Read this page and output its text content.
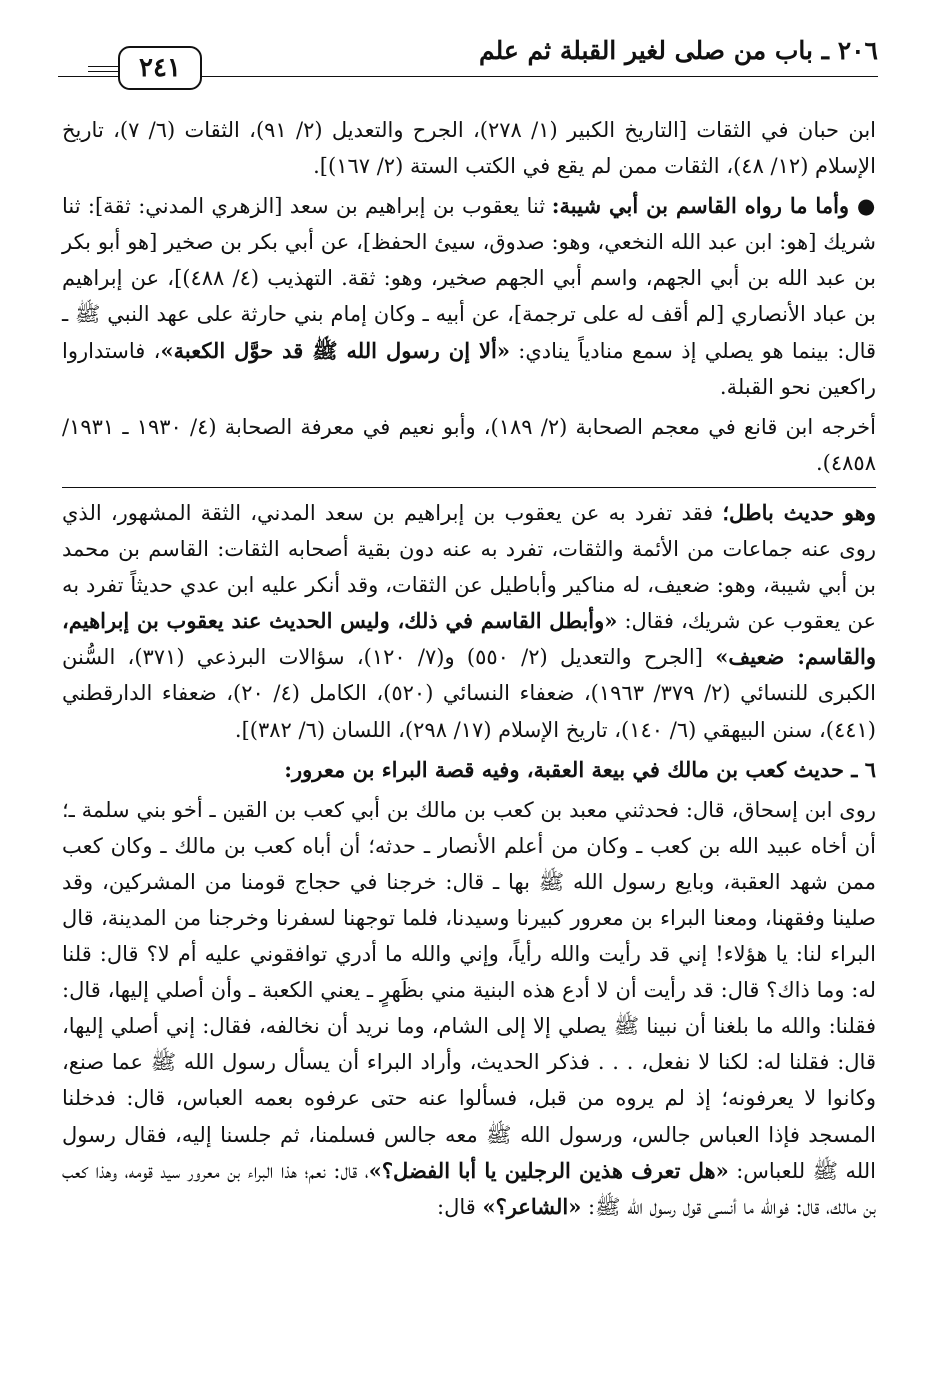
٢٠٦ ـ باب من صلى لغير القبلة ثم علم
٢٤١

ابن حبان في الثقات [التاريخ الكبير (١/ ٢٧٨)، الجرح والتعديل (٢/ ٩١)، الثقات (٦/ ٧)، تاريخ الإسلام (١٢/ ٤٨)، الثقات ممن لم يقع في الكتب الستة (٢/ ١٦٧)].

● وأما ما رواه القاسم بن أبي شيبة: ثنا يعقوب بن إبراهيم بن سعد [الزهري المدني: ثقة]: ثنا شريك [هو: ابن عبد الله النخعي، وهو: صدوق، سيئ الحفظ]، عن أبي بكر بن صخير [هو أبو بكر بن عبد الله بن أبي الجهم، واسم أبي الجهم صخير، وهو: ثقة. التهذيب (٤/ ٤٨٨)]، عن إبراهيم بن عباد الأنصاري [لم أقف له على ترجمة]، عن أبيه ـ وكان إمام بني حارثة على عهد النبي ﷺ ـ قال: بينما هو يصلي إذ سمع منادياً ينادي: «ألا إن رسول الله ﷺ قد حوَّل الكعبة»، فاستداروا راكعين نحو القبلة.

أخرجه ابن قانع في معجم الصحابة (٢/ ١٨٩)، وأبو نعيم في معرفة الصحابة (٤/ ١٩٣٠ ـ ١٩٣١/ ٤٨٥٨).

وهو حديث باطل؛ فقد تفرد به عن يعقوب بن إبراهيم بن سعد المدني، الثقة المشهور، الذي روى عنه جماعات من الأئمة والثقات، تفرد به عنه دون بقية أصحابه الثقات: القاسم بن محمد بن أبي شيبة، وهو: ضعيف، له مناكير وأباطيل عن الثقات، وقد أنكر عليه ابن عدي حديثاً تفرد به عن يعقوب عن شريك، فقال: «وأبطل القاسم في ذلك، وليس الحديث عند يعقوب بن إبراهيم، والقاسم: ضعيف» [الجرح والتعديل (٢/ ٥٥٠) و(٧/ ١٢٠)، سؤالات البرذعي (٣٧١)، السُّنن الكبرى للنسائي (٢/ ٣٧٩/ ١٩٦٣)، ضعفاء النسائي (٥٢٠)، الكامل (٤/ ٢٠)، ضعفاء الدارقطني (٤٤١)، سنن البيهقي (٦/ ١٤٠)، تاريخ الإسلام (١٧/ ٢٩٨)، اللسان (٦/ ٣٨٢)].

٦ ـ حديث كعب بن مالك في بيعة العقبة، وفيه قصة البراء بن معرور:

روى ابن إسحاق، قال: فحدثني معبد بن كعب بن مالك بن أبي كعب بن القين ـ أخو بني سلمة ـ؛ أن أخاه عبيد الله بن كعب ـ وكان من أعلم الأنصار ـ حدثه؛ أن أباه كعب بن مالك ـ وكان كعب ممن شهد العقبة، وبايع رسول الله ﷺ بها ـ قال: خرجنا في حجاج قومنا من المشركين، وقد صلينا وفقهنا، ومعنا البراء بن معرور كبيرنا وسيدنا، فلما توجهنا لسفرنا وخرجنا من المدينة، قال البراء لنا: يا هؤلاء! إني قد رأيت والله رأياً، وإني والله ما أدري توافقوني عليه أم لا؟ قال: قلنا له: وما ذاك؟ قال: قد رأيت أن لا أدع هذه البنية مني بظَهرٍ ـ يعني الكعبة ـ وأن أصلي إليها، قال: فقلنا: والله ما بلغنا أن نبينا ﷺ يصلي إلا إلى الشام، وما نريد أن نخالفه، فقال: إني أصلي إليها، قال: فقلنا له: لكنا لا نفعل، . . . فذكر الحديث، وأراد البراء أن يسأل رسول الله ﷺ عما صنع، وكانوا لا يعرفونه؛ إذ لم يروه من قبل، فسألوا عنه حتى عرفوه بعمه العباس، قال: فدخلنا المسجد فإذا العباس جالس، ورسول الله ﷺ معه جالس فسلمنا، ثم جلسنا إليه، فقال رسول الله ﷺ للعباس: «هل تعرف هذين الرجلين يا أبا الفضل؟»، قال: نعم؛ هذا البراء بن معرور سيد قومه، وهذا كعب بن مالك، قال: فوالله ما أنسى قول رسول الله ﷺ: «الشاعر؟» قال:
